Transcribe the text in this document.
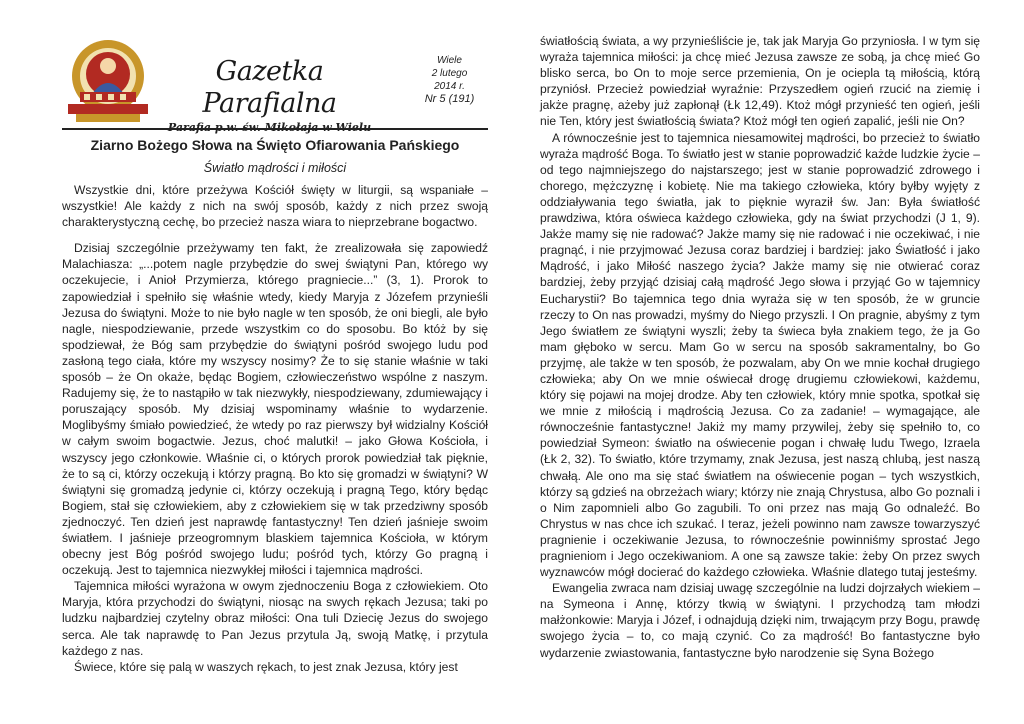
Gazetka Parafialna
Parafia p.w. św. Mikołaja w Wielu
Wiele
2 lutego
2014 r.
Nr 5 (191)
Ziarno Bożego Słowa na Święto Ofiarowania Pańskiego
Światło mądrości i miłości

Wszystkie dni, które przeżywa Kościół święty w liturgii, są wspaniałe – wszystkie! Ale każdy z nich na swój sposób, każdy z nich przez swoją charakterystyczną cechę, bo przecież nasza wiara to nieprzebrane bogactwo.

Dzisiaj szczególnie przeżywamy ten fakt, że zrealizowała się zapowiedź Malachiasza: „...potem nagle przybędzie do swej świątyni Pan, którego wy oczekujecie, i Anioł Przymierza, którego pragniecie...” (3, 1). Prorok to zapowiedział i spełniło się właśnie wtedy, kiedy Maryja z Józefem przynieśli Jezusa do świątyni. Może to nie było nagle w ten sposób, że oni biegli, ale było nagle, niespodziewanie, przede wszystkim co do sposobu. Bo któż by się spodziewał, że Bóg sam przybędzie do świątyni pośród swojego ludu pod zasłoną tego ciała, które my wszyscy nosimy? Że to się stanie właśnie w taki sposób – że On okaże, będąc Bogiem, człowieczeństwo wspólne z naszym. Radujemy się, że to nastąpiło w tak niezwykły, niespodziewany, zdumiewający i poruszający sposób. My dzisiaj wspominamy właśnie to wydarzenie. Moglibyśmy śmiało powiedzieć, że wtedy po raz pierwszy był widzialny Kościół w całym swoim bogactwie. Jezus, choć malutki! – jako Głowa Kościoła, i wszyscy jego członkowie. Właśnie ci, o których prorok powiedział tak pięknie, że to są ci, którzy oczekują i którzy pragną. Bo kto się gromadzi w świątyni? W świątyni się gromadzą jedynie ci, którzy oczekują i pragną Tego, który będąc Bogiem, stał się człowiekiem, aby z człowiekiem się w tak przedziwny sposób zjednoczyć. Ten dzień jest naprawdę fantastyczny! Ten dzień jaśnieje swoim światłem. I jaśnieje przeogromnym blaskiem tajemnica Kościoła, w którym obecny jest Bóg pośród swojego ludu; pośród tych, którzy Go pragną i oczekują. Jest to tajemnica niezwykłej miłości i tajemnica mądrości.

Tajemnica miłości wyrażona w owym zjednoczeniu Boga z człowiekiem. Oto Maryja, która przychodzi do świątyni, niosąc na swych rękach Jezusa; taki po ludzku najbardziej czytelny obraz miłości: Ona tuli Dziecię Jezus do swojego serca. Ale tak naprawdę to Pan Jezus przytula Ją, swoją Matkę, i przytula każdego z nas.

Świece, które się palą w waszych rękach, to jest znak Jezusa, który jest

światłością świata, a wy przynieśliście je, tak jak Maryja Go przyniosła. I w tym się wyraża tajemnica miłości: ja chcę mieć Jezusa zawsze ze sobą, ja chcę mieć Go blisko serca, bo On to moje serce przemienia, On je ociepla tą miłością, którą przyniósł. Przecież powiedział wyraźnie: Przyszedłem ogień rzucić na ziemię i jakże pragnę, ażeby już zapłonął (Łk 12,49). Ktoż mógł przynieść ten ogień, jeśli nie Ten, który jest światłością świata? Ktoż mógł ten ogień zapalić, jeśli nie On?

A równocześnie jest to tajemnica niesamowitej mądrości, bo przecież to światło wyraża mądrość Boga. To światło jest w stanie poprowadzić każde ludzkie życie – od tego najmniejszego do najstarszego; jest w stanie poprowadzić zdrowego i chorego, mężczyznę i kobietę. Nie ma takiego człowieka, który byłby wyjęty z oddziaływania tego światła, jak to pięknie wyraził św. Jan: Była światłość prawdziwa, która oświeca każdego człowieka, gdy na świat przychodzi (J 1, 9). Jakże mamy się nie radować? Jakże mamy się nie radować i nie oczekiwać, i nie pragnąć, i nie przyjmować Jezusa coraz bardziej i bardziej: jako Światłość i jako Mądrość, i jako Miłość naszego życia? Jakże mamy się nie otwierać coraz bardziej, żeby przyjąć dzisiaj całą mądrość Jego słowa i przyjąć Go w tajemnicy Eucharystii? Bo tajemnica tego dnia wyraża się w ten sposób, że w gruncie rzeczy to On nas prowadzi, myśmy do Niego przyszli. I On pragnie, abyśmy z tym Jego światłem ze świątyni wyszli; żeby ta świeca była znakiem tego, że ja Go mam głęboko w sercu. Mam Go w sercu na sposób sakramentalny, bo Go przyjmę, ale także w ten sposób, że pozwalam, aby On we mnie kochał drugiego człowieka; aby On we mnie oświecał drogę drugiemu człowiekowi, każdemu, który się pojawi na mojej drodze. Aby ten człowiek, który mnie spotka, spotkał się we mnie z miłością i mądrością Jezusa. Co za zadanie! – wymagające, ale równocześnie fantastyczne! Jakiż my mamy przywilej, żeby się spełniło to, co powiedział Symeon: światło na oświecenie pogan i chwałę ludu Twego, Izraela (Łk 2, 32). To światło, które trzymamy, znak Jezusa, jest naszą chlubą, jest naszą chwałą. Ale ono ma się stać światłem na oświecenie pogan – tych wszystkich, którzy są gdzieś na obrzeżach wiary; którzy nie znają Chrystusa, albo Go poznali i o Nim zapomnieli albo Go zagubili. To oni przez nas mają Go odnaleźć. Bo Chrystus w nas chce ich szukać. I teraz, jeżeli powinno nam zawsze towarzyszyć pragnienie i oczekiwanie Jezusa, to równocześnie powinniśmy sprostać Jego pragnieniom i Jego oczekiwaniom. A one są zawsze takie: żeby On przez swych wyznawców mógł docierać do każdego człowieka. Właśnie dlatego tutaj jesteśmy.

Ewangelia zwraca nam dzisiaj uwagę szczególnie na ludzi dojrzałych wiekiem – na Symeona i Annę, którzy tkwią w świątyni. I przychodzą tam młodzi małżonkowie: Maryja i Józef, i odnajdują dzięki nim, trwającym przy Bogu, prawdę swojego życia – to, co mają czynić. Co za mądrość! Bo fantastyczne było wydarzenie zwiastowania, fantastyczne było narodzenie się Syna Bożego
